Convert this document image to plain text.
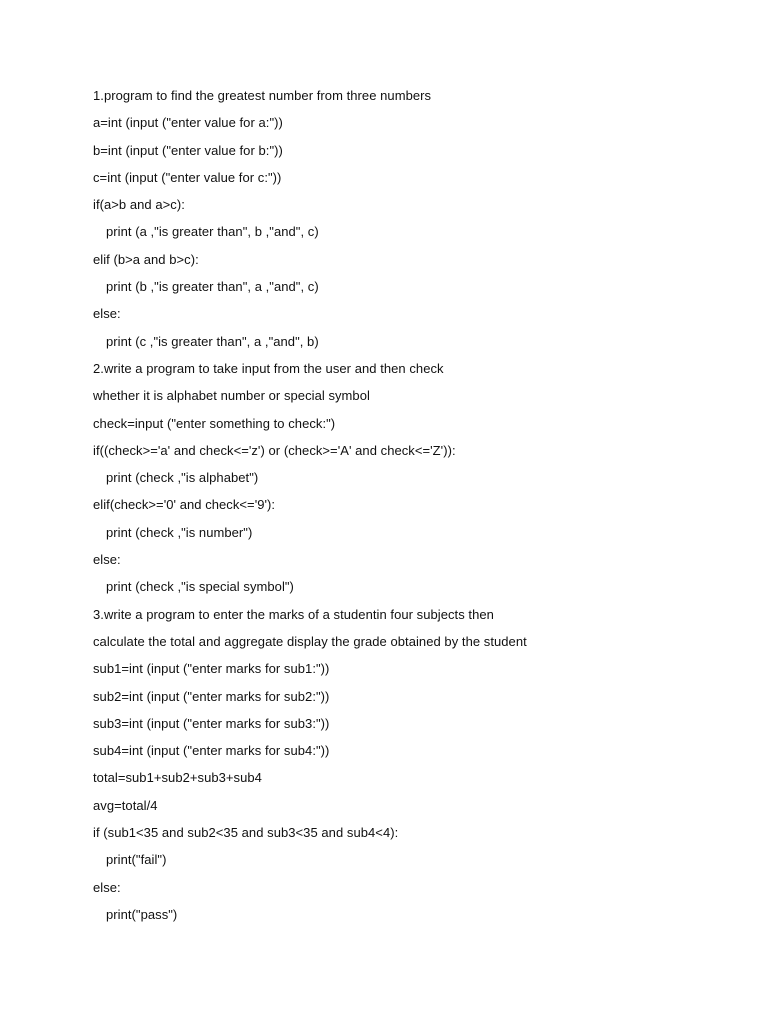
1.program to find the greatest number from three numbers
a=int (input ("enter value for a:"))
b=int (input ("enter value for b:"))
c=int (input ("enter value for c:"))
if(a>b and a>c):
print (a ,"is greater than", b ,"and", c)
elif (b>a and b>c):
print (b ,"is greater than", a ,"and", c)
else:
print (c ,"is greater than", a ,"and", b)
2.write a program to take input from the user and then check
whether it is alphabet number or special symbol
check=input ("enter something to check:")
if((check>='a' and check<='z') or (check>='A' and check<='Z')):
print (check ,"is alphabet")
elif(check>='0' and check<='9'):
print (check ,"is number")
else:
print (check ,"is special symbol")
3.write a program to enter the marks of a studentin four subjects then
calculate the total and aggregate display the grade obtained by the student
sub1=int (input ("enter marks for sub1:"))
sub2=int (input ("enter marks for sub2:"))
sub3=int (input ("enter marks for sub3:"))
sub4=int (input ("enter marks for sub4:"))
total=sub1+sub2+sub3+sub4
avg=total/4
if (sub1<35 and sub2<35 and sub3<35 and sub4<4):
print("fail")
else:
print("pass")
